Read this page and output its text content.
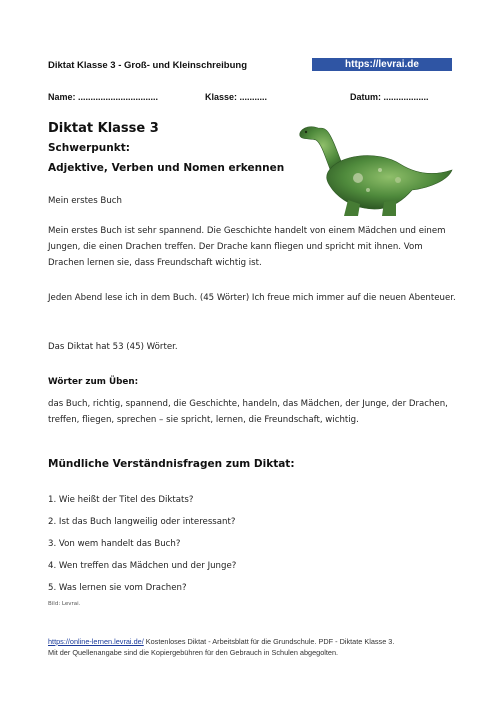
Diktat Klasse 3 - Groß- und Kleinschreibung	https://levrai.de
Name: ................................	Klasse: ...........	Datum: ..................
Diktat Klasse 3
Schwerpunkt:
Adjektive, Verben und Nomen erkennen
Mein erstes Buch
Mein erstes Buch ist sehr spannend. Die Geschichte handelt von einem Mädchen und einem Jungen, die einen Drachen treffen. Der Drache kann fliegen und spricht mit ihnen. Vom Drachen lernen sie, dass Freundschaft wichtig ist.
Jeden Abend lese ich in dem Buch. (45 Wörter) Ich freue mich immer auf die neuen Abenteuer.
Das Diktat hat 53 (45) Wörter.
Wörter zum Üben:
das Buch, richtig, spannend, die Geschichte, handeln, das Mädchen, der Junge, der Drachen, treffen, fliegen, sprechen – sie spricht, lernen, die Freundschaft, wichtig.
Mündliche Verständnisfragen zum Diktat:
1. Wie heißt der Titel des Diktats?
2. Ist das Buch langweilig oder interessant?
3. Von wem handelt das Buch?
4. Wen treffen das Mädchen und der Junge?
5. Was lernen sie vom Drachen?
Bild: Levrai.
https://online-lernen.levrai.de/ Kostenloses Diktat - Arbeitsblatt für die Grundschule. PDF - Diktate Klasse 3.
Mit der Quellenangabe sind die Kopiergebühren für den Gebrauch in Schulen abgegolten.
